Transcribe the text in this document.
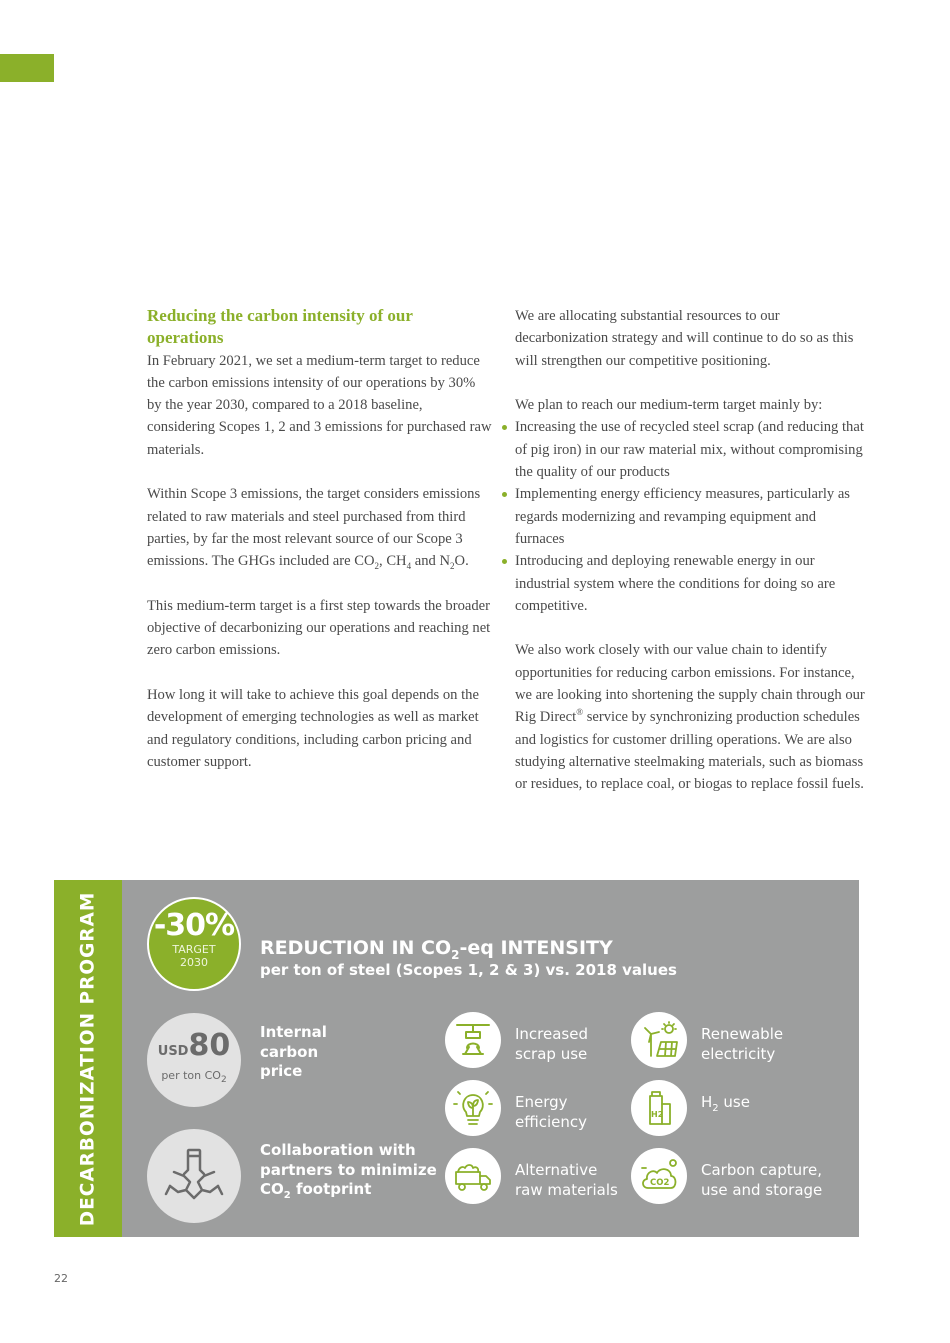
Reducing the carbon intensity of our operations

In February 2021, we set a medium-term target to reduce the carbon emissions intensity of our operations by 30% by the year 2030, compared to a 2018 baseline, considering Scopes 1, 2 and 3 emissions for purchased raw materials.

Within Scope 3 emissions, the target considers emissions related to raw materials and steel purchased from third parties, by far the most relevant source of our Scope 3 emissions. The GHGs included are $CO_2$, $CH_4$ and $N_2O$.

This medium-term target is a first step towards the broader objective of decarbonizing our operations and reaching net zero carbon emissions.

How long it will take to achieve this goal depends on the development of emerging technologies as well as market and regulatory conditions, including carbon pricing and customer support.

We are allocating substantial resources to our decarbonization strategy and will continue to do so as this will strengthen our competitive positioning.

We plan to reach our medium-term target mainly by:

Increasing the use of recycled steel scrap (and reducing that of pig iron) in our raw material mix, without compromising the quality of our products
Implementing energy efficiency measures, particularly as regards modernizing and revamping equipment and furnaces
Introducing and deploying renewable energy in our industrial system where the conditions for doing so are competitive.

We also work closely with our value chain to identify opportunities for reducing carbon emissions. For instance, we are looking into shortening the supply chain through our Rig Direct® service by synchronizing production schedules and logistics for customer drilling operations. We are also studying alternative steelmaking materials, such as biomass or residues, to replace coal, or biogas to replace fossil fuels.

DECARBONIZATION PROGRAM -30%
TARGET
2030
REDUCTION IN $CO_2-eq$ INTENSITY
per ton of steel (Scopes 1, 2 & 3) vs. 2018 values
USD80
per ton $CO_2$
Internal
carbon
price
Collaboration with
partners to minimize
$CO_2$ footprint
Increased
scrap use
Renewable
electricity
Energy
efficiency	H2
$H_2$ use
Alternative
raw materials	CO2
Carbon capture,
use and storage
22
